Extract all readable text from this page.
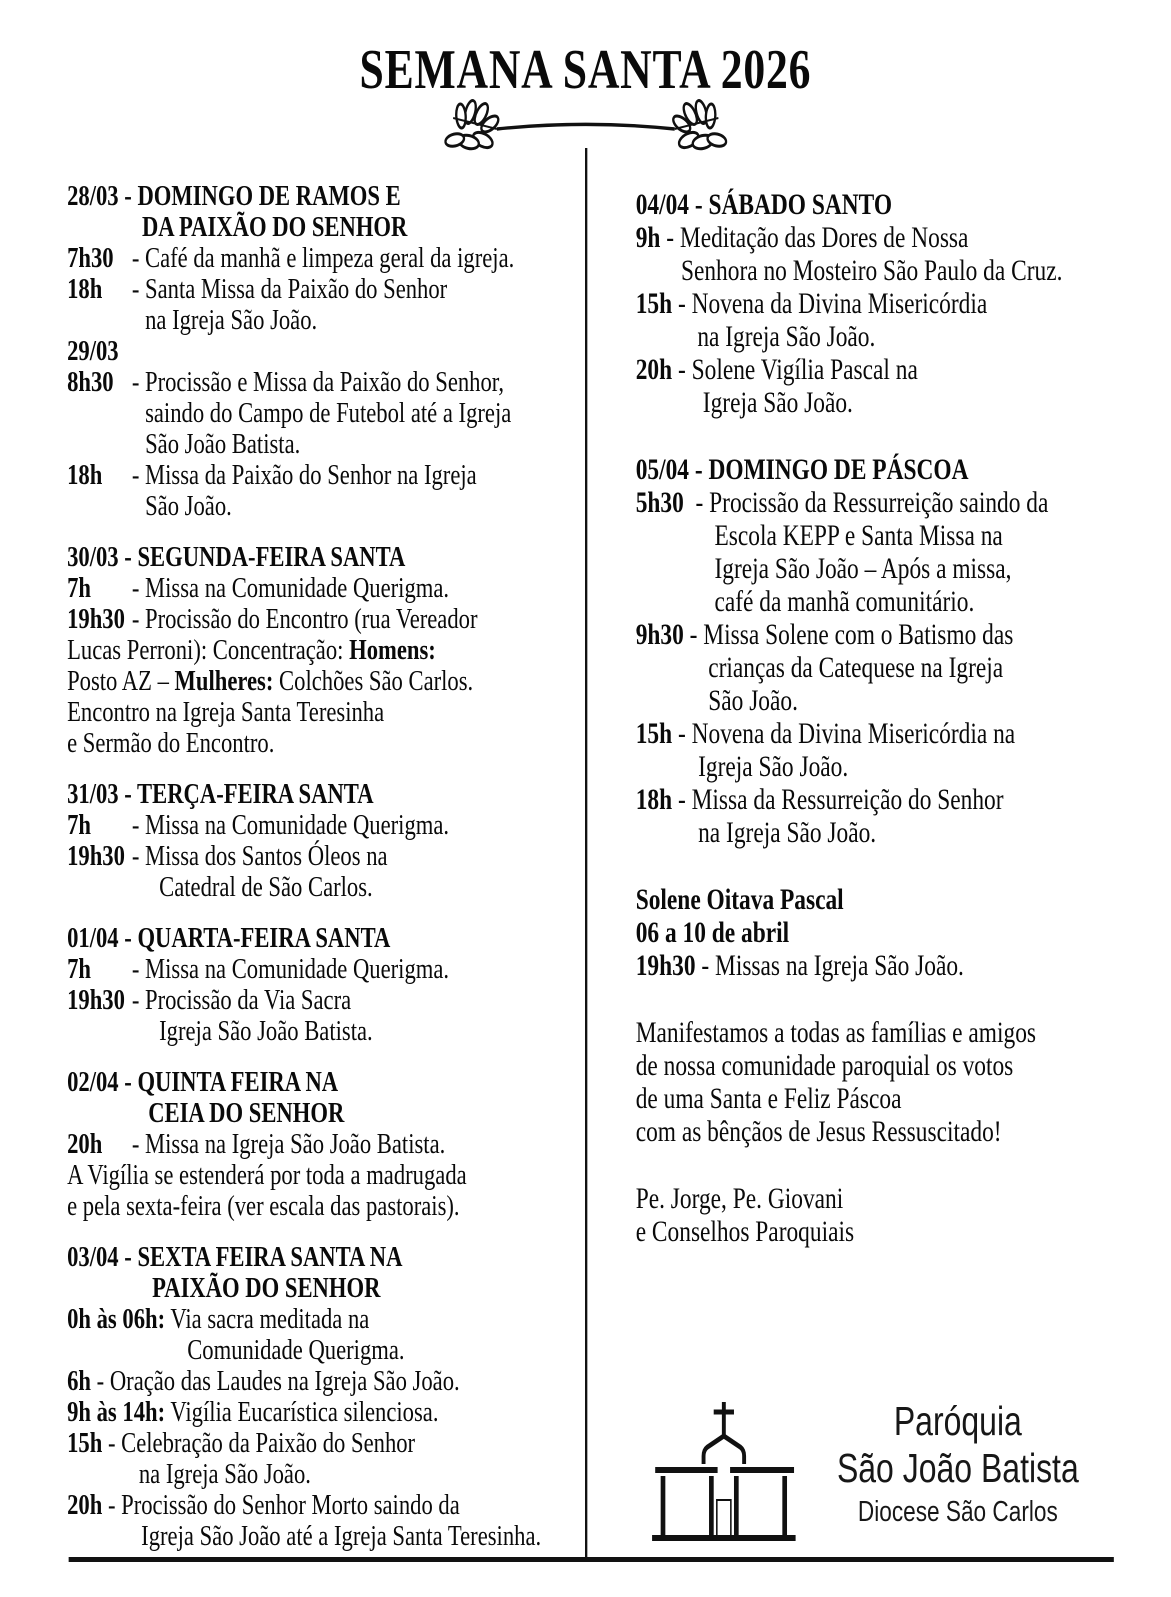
SEMANA SANTA 2026
28/03 - DOMINGO DE RAMOS E
DA PAIXÃO DO SENHOR
7h30 - Café da manhã e limpeza geral da igreja.
18h - Santa Missa da Paixão do Senhor
na Igreja São João.
29/03
8h30 - Procissão e Missa da Paixão do Senhor,
saindo do Campo de Futebol até a Igreja
São João Batista.
18h - Missa da Paixão do Senhor na Igreja
São João.
30/03 - SEGUNDA-FEIRA SANTA
7h - Missa na Comunidade Querigma.
19h30 - Procissão do Encontro (rua Vereador
Lucas Perroni): Concentração: Homens:
Posto AZ – Mulheres: Colchões São Carlos.
Encontro na Igreja Santa Teresinha
e Sermão do Encontro.
31/03 - TERÇA-FEIRA SANTA
7h - Missa na Comunidade Querigma.
19h30 - Missa dos Santos Óleos na
Catedral de São Carlos.
01/04 - QUARTA-FEIRA SANTA
7h - Missa na Comunidade Querigma.
19h30 - Procissão da Via Sacra
Igreja São João Batista.
02/04 - QUINTA FEIRA NA
CEIA DO SENHOR
20h - Missa na Igreja São João Batista.
A Vigília se estenderá por toda a madrugada
e pela sexta-feira (ver escala das pastorais).
03/04 - SEXTA FEIRA SANTA NA
PAIXÃO DO SENHOR
0h às 06h: Via sacra meditada na
Comunidade Querigma.
6h - Oração das Laudes na Igreja São João.
9h às 14h: Vigília Eucarística silenciosa.
15h - Celebração da Paixão do Senhor
na Igreja São João.
20h - Procissão do Senhor Morto saindo da
Igreja São João até a Igreja Santa Teresinha.
04/04 - SÁBADO SANTO
9h - Meditação das Dores de Nossa
Senhora no Mosteiro São Paulo da Cruz.
15h - Novena da Divina Misericórdia
na Igreja São João.
20h - Solene Vigília Pascal na
Igreja São João.
05/04 - DOMINGO DE PÁSCOA
5h30  - Procissão da Ressurreição saindo da
Escola KEPP e Santa Missa na
Igreja São João – Após a missa,
café da manhã comunitário.
9h30 - Missa Solene com o Batismo das
crianças da Catequese na Igreja
São João.
15h - Novena da Divina Misericórdia na
Igreja São João.
18h - Missa da Ressurreição do Senhor
na Igreja São João.
Solene Oitava Pascal
06 a 10 de abril
19h30 - Missas na Igreja São João.
Manifestamos a todas as famílias e amigos
de nossa comunidade paroquial os votos
de uma Santa e Feliz Páscoa
com as bênçãos de Jesus Ressuscitado!
Pe. Jorge, Pe. Giovani
e Conselhos Paroquiais
Paróquia
São João Batista
Diocese São Carlos
